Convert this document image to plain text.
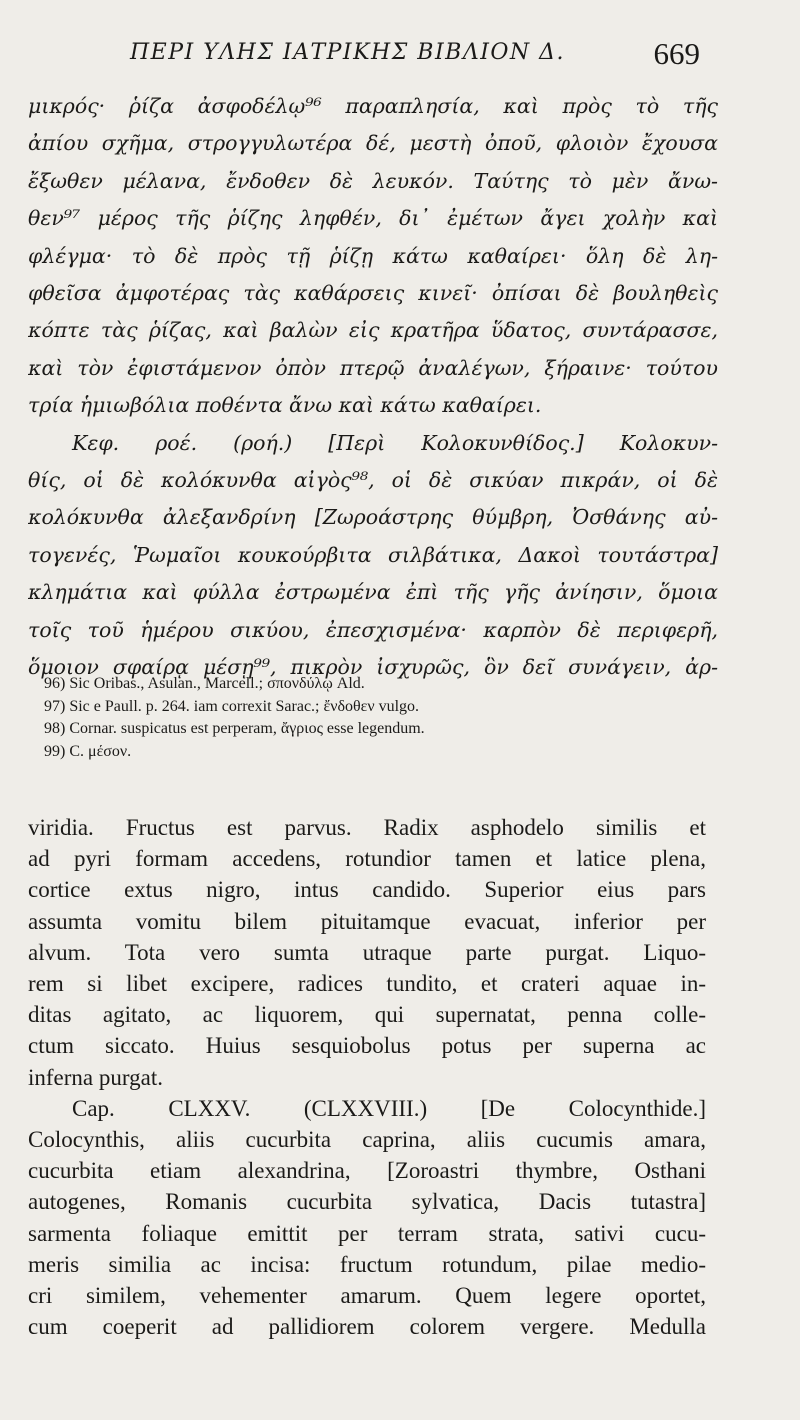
ΠΕΡΙ ΥΛΗΣ ΙΑΤΡΙΚΗΣ ΒΙΒΛΙΟΝ Δ.	669
μικρός· ῥίζα ἀσφοδέλῳ⁹⁶ παραπλησία, καὶ πρὸς τὸ τῆς
ἀπίου σχῆμα, στρογγυλωτέρα δέ, μεστὴ ὀποῦ, φλοιὸν ἔχουσα
ἔξωθεν μέλανα, ἔνδοθεν δὲ λευκόν. Ταύτης τὸ μὲν ἄνω-
θεν⁹⁷ μέρος τῆς ῥίζης ληφθέν, δι᾽ ἐμέτων ἄγει χολὴν καὶ
φλέγμα· τὸ δὲ πρὸς τῇ ῥίζῃ κάτω καθαίρει· ὅλη δὲ λη-
φθεῖσα ἀμφοτέρας τὰς καθάρσεις κινεῖ· ὀπίσαι δὲ βουληθεὶς
κόπτε τὰς ῥίζας, καὶ βαλὼν εἰς κρατῆρα ὕδατος, συντάρασσε,
καὶ τὸν ἐφιστάμενον ὀπὸν πτερῷ ἀναλέγων, ξήραινε· τούτου
τρία ἡμιωβόλια ποθέντα ἄνω καὶ κάτω καθαίρει.
Κεφ. ροέ. (ροή.) [Περὶ Κολοκυνθίδος.] Κολοκυν-
θίς, οἱ δὲ κολόκυνθα αἰγὸς⁹⁸, οἱ δὲ σικύαν πικράν, οἱ δὲ
κολόκυνθα ἀλεξανδρίνη [Ζωροάστρης θύμβρη, Ὀσθάνης αὐ-
τογενές, Ῥωμαῖοι κουκούρβιτα σιλβάτικα, Δακοὶ τουτάστρα]
κλημάτια καὶ φύλλα ἐστρωμένα ἐπὶ τῆς γῆς ἀνίησιν, ὅμοια
τοῖς τοῦ ἡμέρου σικύου, ἐπεσχισμένα· καρπὸν δὲ περιφερῆ,
ὅμοιον σφαίρᾳ μέσῃ⁹⁹, πικρὸν ἰσχυρῶς, ὃν δεῖ συνάγειν, ἀρ-
96) Sic Oribas., Asulan., Marcell.; σπονδύλῳ Ald.
97) Sic e Paull. p. 264. iam correxit Sarac.; ἔνδοθεν vulgo.
98) Cornar. suspicatus est perperam, ἄγριος esse legendum.
99) C. μέσον.
viridia. Fructus est parvus. Radix asphodelo similis et
ad pyri formam accedens, rotundior tamen et latice plena,
cortice extus nigro, intus candido. Superior eius pars
assumta vomitu bilem pituitamque evacuat, inferior per
alvum. Tota vero sumta utraque parte purgat. Liquo-
rem si libet excipere, radices tundito, et crateri aquae in-
ditas agitato, ac liquorem, qui supernatat, penna colle-
ctum siccato. Huius sesquiobolus potus per superna ac
inferna purgat.
Cap. CLXXV. (CLXXVIII.) [De Colocynthide.]
Colocynthis, aliis cucurbita caprina, aliis cucumis amara,
cucurbita etiam alexandrina, [Zoroastri thymbre, Osthani
autogenes, Romanis cucurbita sylvatica, Dacis tutastra]
sarmenta foliaque emittit per terram strata, sativi cucu-
meris similia ac incisa: fructum rotundum, pilae medio-
cri similem, vehementer amarum. Quem legere oportet,
cum coeperit ad pallidiorem colorem vergere. Medulla
